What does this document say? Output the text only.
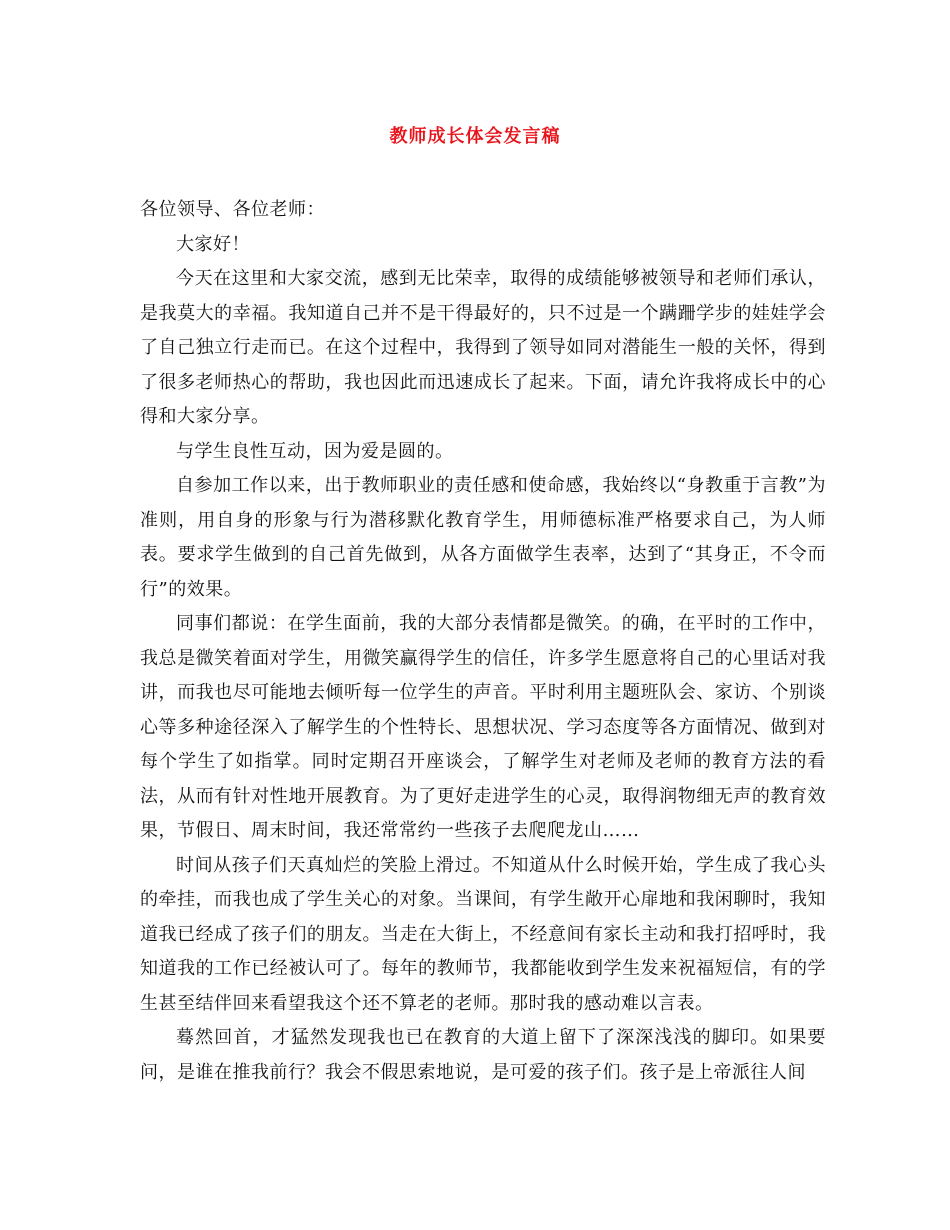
教师成长体会发言稿

各位领导、各位老师：

大家好！

今天在这里和大家交流，感到无比荣幸，取得的成绩能够被领导和老师们承认，是我莫大的幸福。我知道自己并不是干得最好的，只不过是一个蹒跚学步的娃娃学会了自己独立行走而已。在这个过程中，我得到了领导如同对潜能生一般的关怀，得到了很多老师热心的帮助，我也因此而迅速成长了起来。下面，请允许我将成长中的心得和大家分享。

与学生良性互动，因为爱是圆的。

自参加工作以来，出于教师职业的责任感和使命感，我始终以“身教重于言教”为准则，用自身的形象与行为潜移默化教育学生，用师德标准严格要求自己，为人师表。要求学生做到的自己首先做到，从各方面做学生表率，达到了“其身正，不令而行”的效果。

同事们都说：在学生面前，我的大部分表情都是微笑。的确，在平时的工作中，我总是微笑着面对学生，用微笑赢得学生的信任，许多学生愿意将自己的心里话对我讲，而我也尽可能地去倾听每一位学生的声音。平时利用主题班队会、家访、个别谈心等多种途径深入了解学生的个性特长、思想状况、学习态度等各方面情况、做到对每个学生了如指掌。同时定期召开座谈会，了解学生对老师及老师的教育方法的看法，从而有针对性地开展教育。为了更好走进学生的心灵，取得润物细无声的教育效果，节假日、周末时间，我还常常约一些孩子去爬爬龙山……

时间从孩子们天真灿烂的笑脸上滑过。不知道从什么时候开始，学生成了我心头的牵挂，而我也成了学生关心的对象。当课间，有学生敞开心扉地和我闲聊时，我知道我已经成了孩子们的朋友。当走在大街上，不经意间有家长主动和我打招呼时，我知道我的工作已经被认可了。每年的教师节，我都能收到学生发来祝福短信，有的学生甚至结伴回来看望我这个还不算老的老师。那时我的感动难以言表。

蓦然回首，才猛然发现我也已在教育的大道上留下了深深浅浅的脚印。如果要问，是谁在推我前行？我会不假思索地说，是可爱的孩子们。孩子是上帝派往人间
